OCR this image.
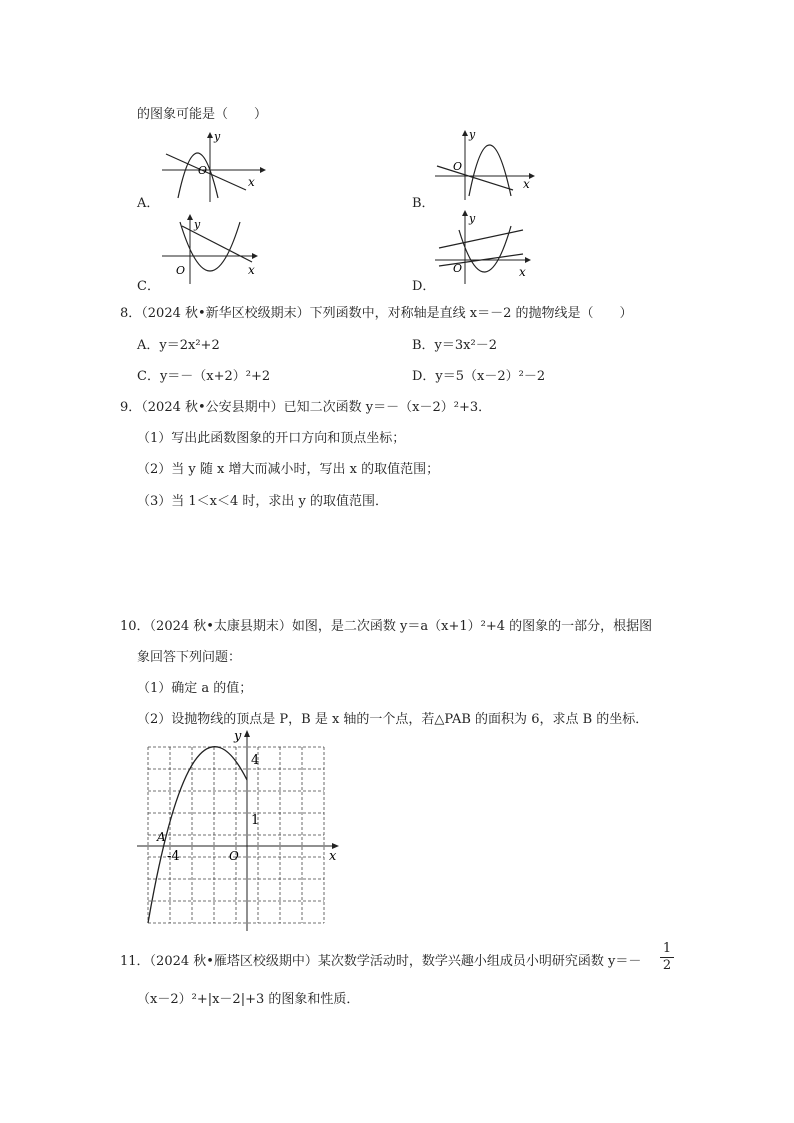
的图象可能是（　　）
A．
y
x
O
B．
y
x
O
C．
y
x
O
D．
y
x
O
8．（2024 秋•新华区校级期末）下列函数中，对称轴是直线 x＝－2 的抛物线是（　　）
A．y＝2x²+2	B．y＝3x²－2
C．y＝－（x+2）²+2	D．y＝5（x－2）²－2
9．（2024 秋•公安县期中）已知二次函数 y＝－（x－2）²+3．
（1）写出此函数图象的开口方向和顶点坐标；
（2）当 y 随 x 增大而减小时，写出 x 的取值范围；
（3）当 1＜x＜4 时，求出 y 的取值范围．
10．（2024 秋•太康县期末）如图，是二次函数 y＝a（x+1）²+4 的图象的一部分，根据图
象回答下列问题：
（1）确定 a 的值；
（2）设抛物线的顶点是 P，B 是 x 轴的一个点，若△PAB 的面积为 6，求点 B 的坐标．
4
1
-4	O
A
x
y
11．（2024 秋•雁塔区校级期中）某次数学活动时，数学兴趣小组成员小明研究函数 y＝－
1
2
（x－2）²+|x－2|+3 的图象和性质．
